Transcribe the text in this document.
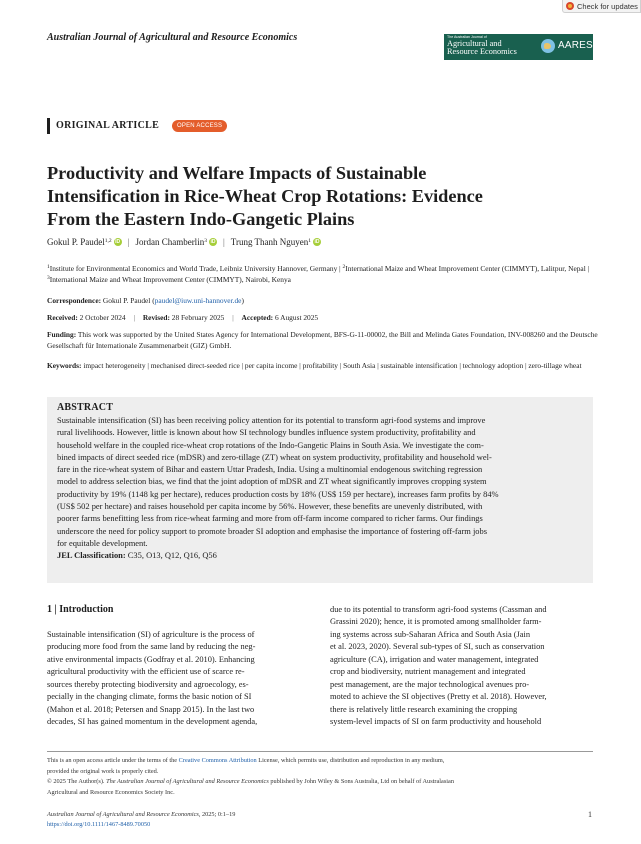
Check for updates
Australian Journal of Agricultural and Resource Economics	The Australian Journal of
Agricultural and
Resource Economics
AARES
ORIGINAL ARTICLE	OPEN ACCESS
Productivity and Welfare Impacts of Sustainable
Intensification in Rice-Wheat Crop Rotations: Evidence
From the Eastern Indo-Gangetic Plains
Gokul P. Paudel$^{1,2}$ iD | Jordan Chamberlin$^3$ iD | Trung Thanh Nguyen$^1$ iD
$^1$Institute for Environmental Economics and World Trade, Leibniz University Hannover, Germany | $^2$International Maize and Wheat Improvement Center (CIMMYT), Lalitpur, Nepal | $^3$International Maize and Wheat Improvement Center (CIMMYT), Nairobi, Kenya
Correspondence: Gokul P. Paudel (paudel@iuw.uni-hannover.de)
Received: 2 October 2024 | Revised: 28 February 2025 | Accepted: 6 August 2025
Funding: This work was supported by the United States Agency for International Development, BFS-G-11-00002, the Bill and Melinda Gates Foundation, INV-008260 and the Deutsche Gesellschaft für Internationale Zusammenarbeit (GIZ) GmbH.
Keywords: impact heterogeneity | mechanised direct-seeded rice | per capita income | profitability | South Asia | sustainable intensification | technology adoption | zero-tillage wheat
ABSTRACT
Sustainable intensification (SI) has been receiving policy attention for its potential to transform agri-food systems and improve
rural livelihoods. However, little is known about how SI technology bundles influence system productivity, profitability and
household welfare in the coupled rice-wheat crop rotations of the Indo-Gangetic Plains in South Asia. We investigate the com-
bined impacts of direct seeded rice (mDSR) and zero-tillage (ZT) wheat on system productivity, profitability and household wel-
fare in the rice-wheat system of Bihar and eastern Uttar Pradesh, India. Using a multinomial endogenous switching regression
model to address selection bias, we find that the joint adoption of mDSR and ZT wheat significantly improves cropping system
productivity by 19% (1148 kg per hectare), reduces production costs by 18% (US$ 159 per hectare), increases farm profits by 84%
(US$ 502 per hectare) and raises household per capita income by 56%. However, these benefits are unevenly distributed, with
poorer farms benefitting less from rice-wheat farming and more from off-farm income compared to richer farms. Our findings
underscore the need for policy support to promote broader SI adoption and emphasise the importance of fostering off-farm jobs
for equitable development.
JEL Classification: C35, O13, Q12, Q16, Q56
1 | Introduction
Sustainable intensification (SI) of agriculture is the process of
producing more food from the same land by reducing the neg-
ative environmental impacts (Godfray et al. 2010). Enhancing
agricultural productivity with the efficient use of scarce re-
sources thereby protecting biodiversity and agroecology, es-
pecially in the changing climate, forms the basic notion of SI
(Mahon et al. 2018; Petersen and Snapp 2015). In the last two
decades, SI has gained momentum in the development agenda,
due to its potential to transform agri-food systems (Cassman and
Grassini 2020); hence, it is promoted among smallholder farm-
ing systems across sub-Saharan Africa and South Asia (Jain
et al. 2023, 2020). Several sub-types of SI, such as conservation
agriculture (CA), irrigation and water management, integrated
crop and biodiversity, nutrient management and integrated
pest management, are the major technological avenues pro-
moted to achieve the SI objectives (Pretty et al. 2018). However,
there is relatively little research examining the cropping
system-level impacts of SI on farm productivity and household
This is an open access article under the terms of the Creative Commons Attribution License, which permits use, distribution and reproduction in any medium,
provided the original work is properly cited.
© 2025 The Author(s). The Australian Journal of Agricultural and Resource Economics published by John Wiley & Sons Australia, Ltd on behalf of Australasian
Agricultural and Resource Economics Society Inc.
Australian Journal of Agricultural and Resource Economics, 2025; 0:1–19
https://doi.org/10.1111/1467-8489.70050
1
